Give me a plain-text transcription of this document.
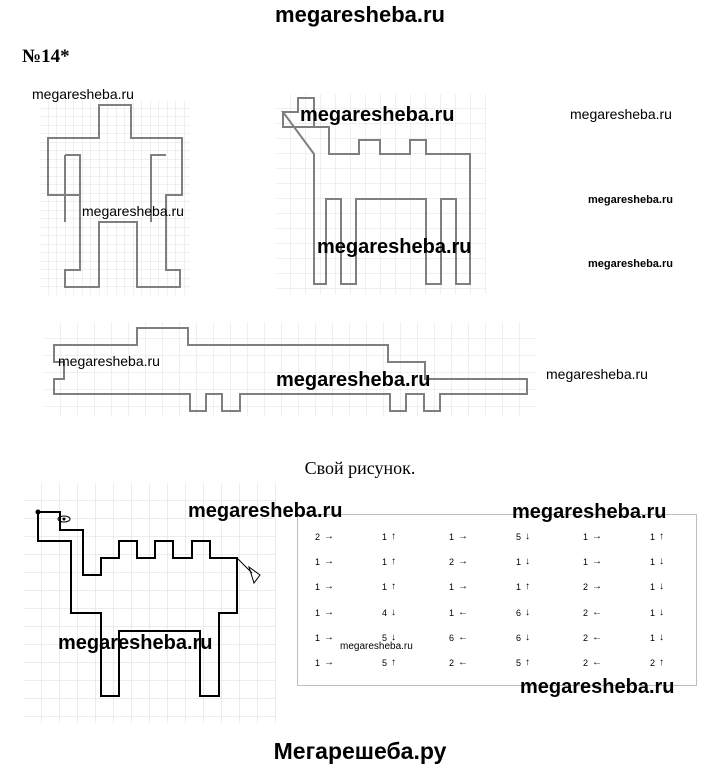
megaresheba.ru
№14*
Свой рисунок.
2 →	1 ↑	1 →	5 ↓	1 →	1 ↑
1 →	1 ↑	2 →	1 ↓	1 →	1 ↓
1 →	1 ↑	1 →	1 ↑	2 →	1 ↓
1 →	4 ↓	1 ←	6 ↓	2 ←	1 ↓
1 →	5 ↓	6 ←	6 ↓	2 ←	1 ↓
1 →	5 ↑	2 ←	5 ↑	2 ←	2 ↑
megaresheba.ru
megaresheba.ru	megaresheba.ru
megaresheba.ru
megaresheba.ru
megaresheba.ru
megaresheba.ru
megaresheba.ru
megaresheba.ru	megaresheba.ru
megaresheba.ru	megaresheba.ru
megaresheba.ru	megaresheba.ru
megaresheba.ru
Мегарешеба.ру
